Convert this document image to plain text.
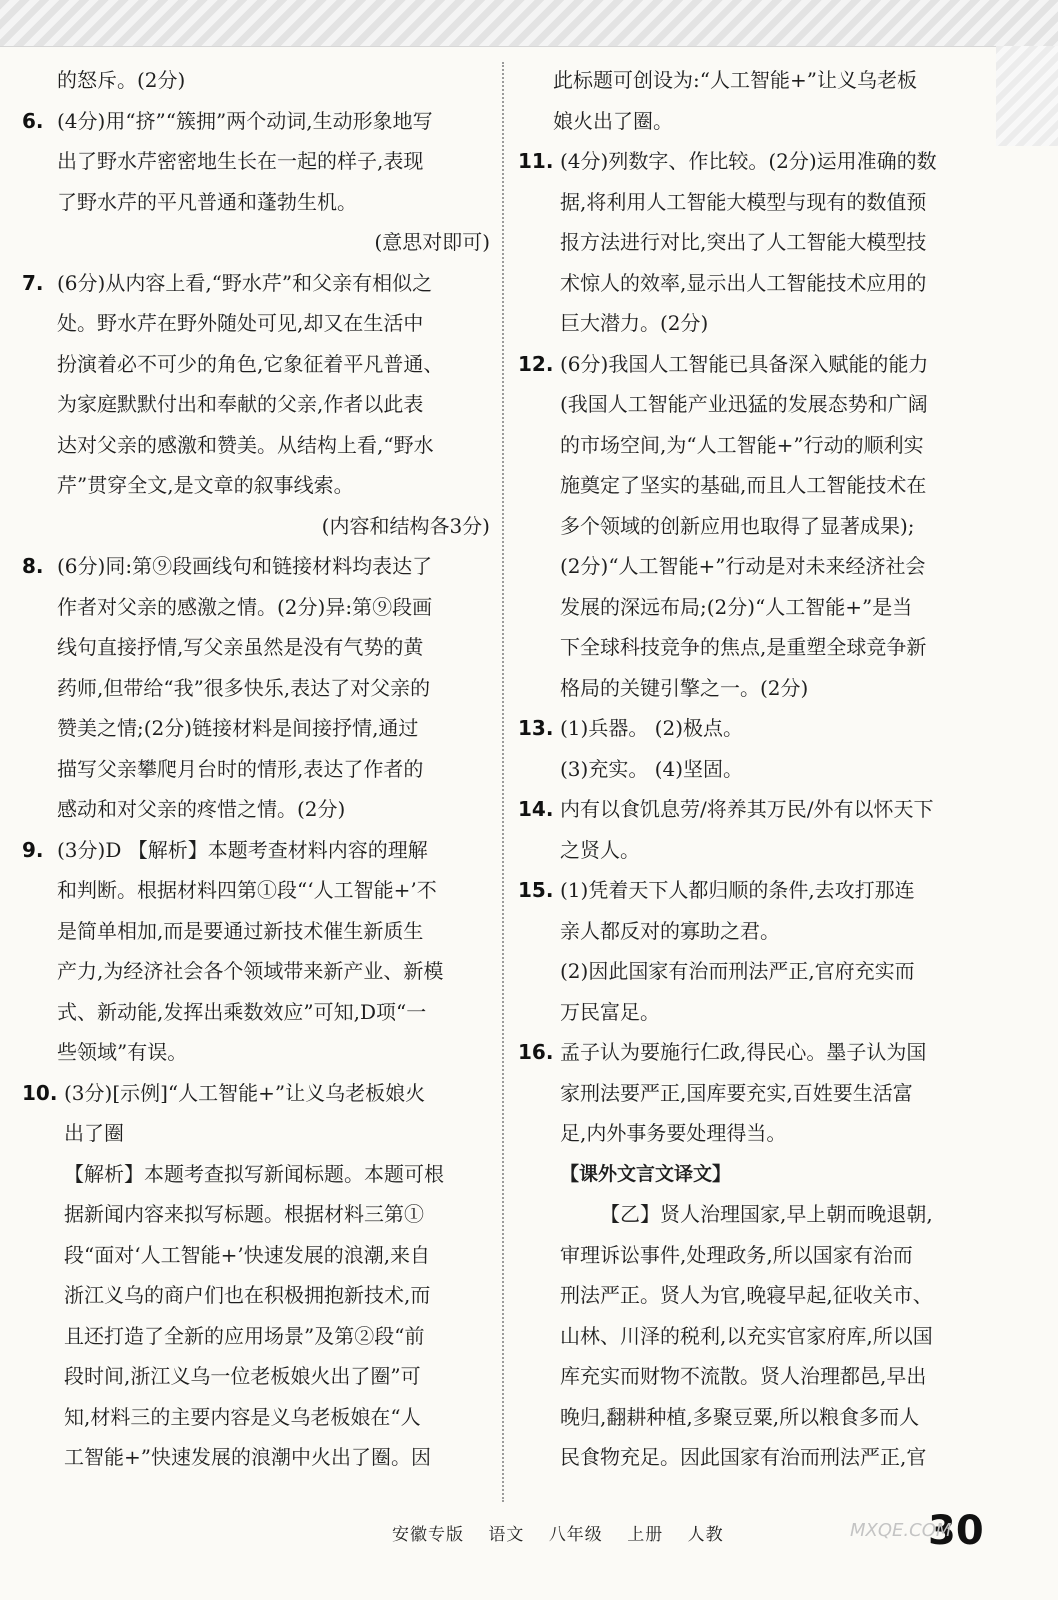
的怒斥。(2分)
6. (4分)用“挤”“簇拥”两个动词,生动形象地写
出了野水芹密密地生长在一起的样子,表现
了野水芹的平凡普通和蓬勃生机。
(意思对即可)
7. (6分)从内容上看,“野水芹”和父亲有相似之
处。野水芹在野外随处可见,却又在生活中
扮演着必不可少的角色,它象征着平凡普通、
为家庭默默付出和奉献的父亲,作者以此表
达对父亲的感激和赞美。从结构上看,“野水
芹”贯穿全文,是文章的叙事线索。
(内容和结构各3分)
8. (6分)同:第⑨段画线句和链接材料均表达了
作者对父亲的感激之情。(2分)异:第⑨段画
线句直接抒情,写父亲虽然是没有气势的黄
药师,但带给“我”很多快乐,表达了对父亲的
赞美之情;(2分)链接材料是间接抒情,通过
描写父亲攀爬月台时的情形,表达了作者的
感动和对父亲的疼惜之情。(2分)
9. (3分)D 【解析】本题考查材料内容的理解
和判断。根据材料四第①段“‘人工智能+’不
是简单相加,而是要通过新技术催生新质生
产力,为经济社会各个领域带来新产业、新模
式、新动能,发挥出乘数效应”可知,D项“一
些领域”有误。
10. (3分)[示例]“人工智能+”让义乌老板娘火
出了圈
【解析】本题考查拟写新闻标题。本题可根
据新闻内容来拟写标题。根据材料三第①
段“面对‘人工智能+’快速发展的浪潮,来自
浙江义乌的商户们也在积极拥抱新技术,而
且还打造了全新的应用场景”及第②段“前
段时间,浙江义乌一位老板娘火出了圈”可
知,材料三的主要内容是义乌老板娘在“人
工智能+”快速发展的浪潮中火出了圈。因
此标题可创设为:“人工智能+”让义乌老板
娘火出了圈。
11. (4分)列数字、作比较。(2分)运用准确的数
据,将利用人工智能大模型与现有的数值预
报方法进行对比,突出了人工智能大模型技
术惊人的效率,显示出人工智能技术应用的
巨大潜力。(2分)
12. (6分)我国人工智能已具备深入赋能的能力
(我国人工智能产业迅猛的发展态势和广阔
的市场空间,为“人工智能+”行动的顺利实
施奠定了坚实的基础,而且人工智能技术在
多个领域的创新应用也取得了显著成果);
(2分)“人工智能+”行动是对未来经济社会
发展的深远布局;(2分)“人工智能+”是当
下全球科技竞争的焦点,是重塑全球竞争新
格局的关键引擎之一。(2分)
13. (1)兵器。 (2)极点。
(3)充实。 (4)坚固。
14. 内有以食饥息劳/将养其万民/外有以怀天下
之贤人。
15. (1)凭着天下人都归顺的条件,去攻打那连
亲人都反对的寡助之君。
(2)因此国家有治而刑法严正,官府充实而
万民富足。
16. 孟子认为要施行仁政,得民心。墨子认为国
家刑法要严正,国库要充实,百姓要生活富
足,内外事务要处理得当。
【课外文言文译文】
【乙】贤人治理国家,早上朝而晚退朝,
审理诉讼事件,处理政务,所以国家有治而
刑法严正。贤人为官,晚寝早起,征收关市、
山林、川泽的税利,以充实官家府库,所以国
库充实而财物不流散。贤人治理都邑,早出
晚归,翻耕种植,多聚豆粟,所以粮食多而人
民食物充足。因此国家有治而刑法严正,官
安徽专版 语文 八年级 上册 人教	30
MXQE.COM
